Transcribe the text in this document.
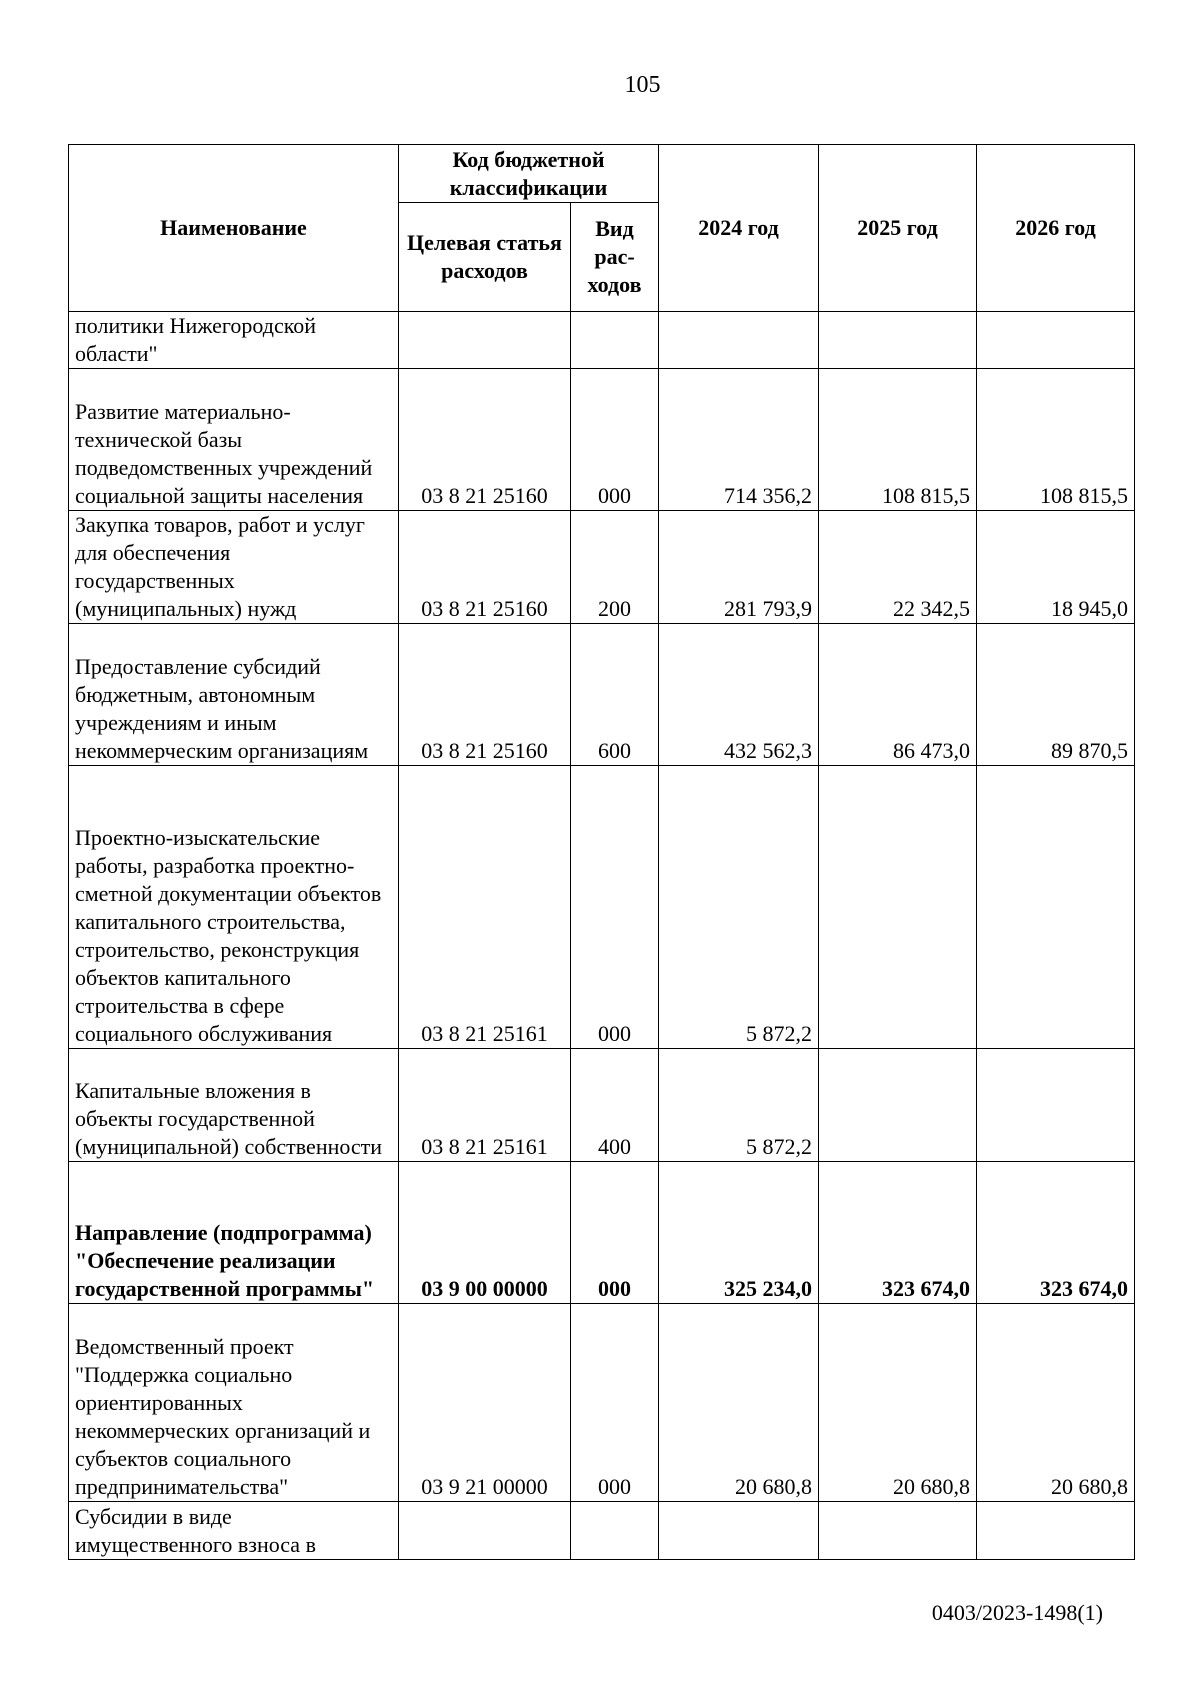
105
Наименование	Код бюджетной классификации		2024 год	2025 год	2026 год
	Целевая статья расходов	Вид рас-ходов			
политики Нижегородской области"					
Развитие материально-технической базы подведомственных учреждений социальной защиты населения	03 8 21 25160	000	714 356,2	108 815,5	108 815,5
Закупка товаров, работ и услуг для обеспечения государственных (муниципальных) нужд	03 8 21 25160	200	281 793,9	22 342,5	18 945,0
Предоставление субсидий бюджетным, автономным учреждениям и иным некоммерческим организациям	03 8 21 25160	600	432 562,3	86 473,0	89 870,5
Проектно-изыскательские работы, разработка проектно-сметной документации объектов капитального строительства, строительство, реконструкция объектов капитального строительства в сфере социального обслуживания	03 8 21 25161	000	5 872,2		
Капитальные вложения в объекты государственной (муниципальной) собственности	03 8 21 25161	400	5 872,2		
Направление (подпрограмма) "Обеспечение реализации государственной программы"	03 9 00 00000	000	325 234,0	323 674,0	323 674,0
Ведомственный проект "Поддержка социально ориентированных некоммерческих организаций и субъектов социального предпринимательства"	03 9 21 00000	000	20 680,8	20 680,8	20 680,8
Субсидии в виде имущественного взноса в					
0403/2023-1498(1)
